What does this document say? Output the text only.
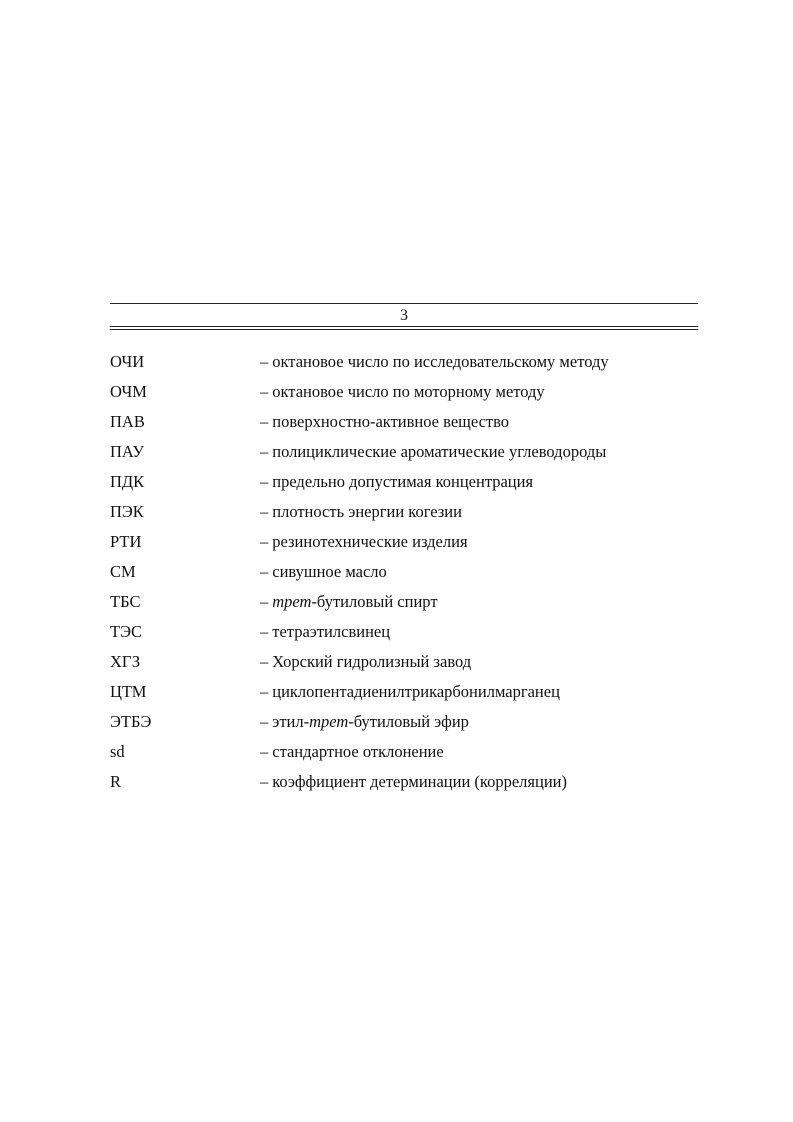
3
ОЧИ	– октановое число по исследовательскому методу
ОЧМ	– октановое число по моторному методу
ПАВ	– поверхностно-активное вещество
ПАУ	– полициклические ароматические углеводороды
ПДК	– предельно допустимая концентрация
ПЭК	– плотность энергии когезии
РТИ	– резинотехнические изделия
СМ	– сивушное масло
ТБС	– трет-бутиловый спирт
ТЭС	– тетраэтилсвинец
ХГЗ	– Хорский гидролизный завод
ЦТМ	– циклопентадиенилтрикарбонилмарганец
ЭТБЭ	– этил-трет-бутиловый эфир
sd	– стандартное отклонение
R	– коэффициент детерминации (корреляции)
